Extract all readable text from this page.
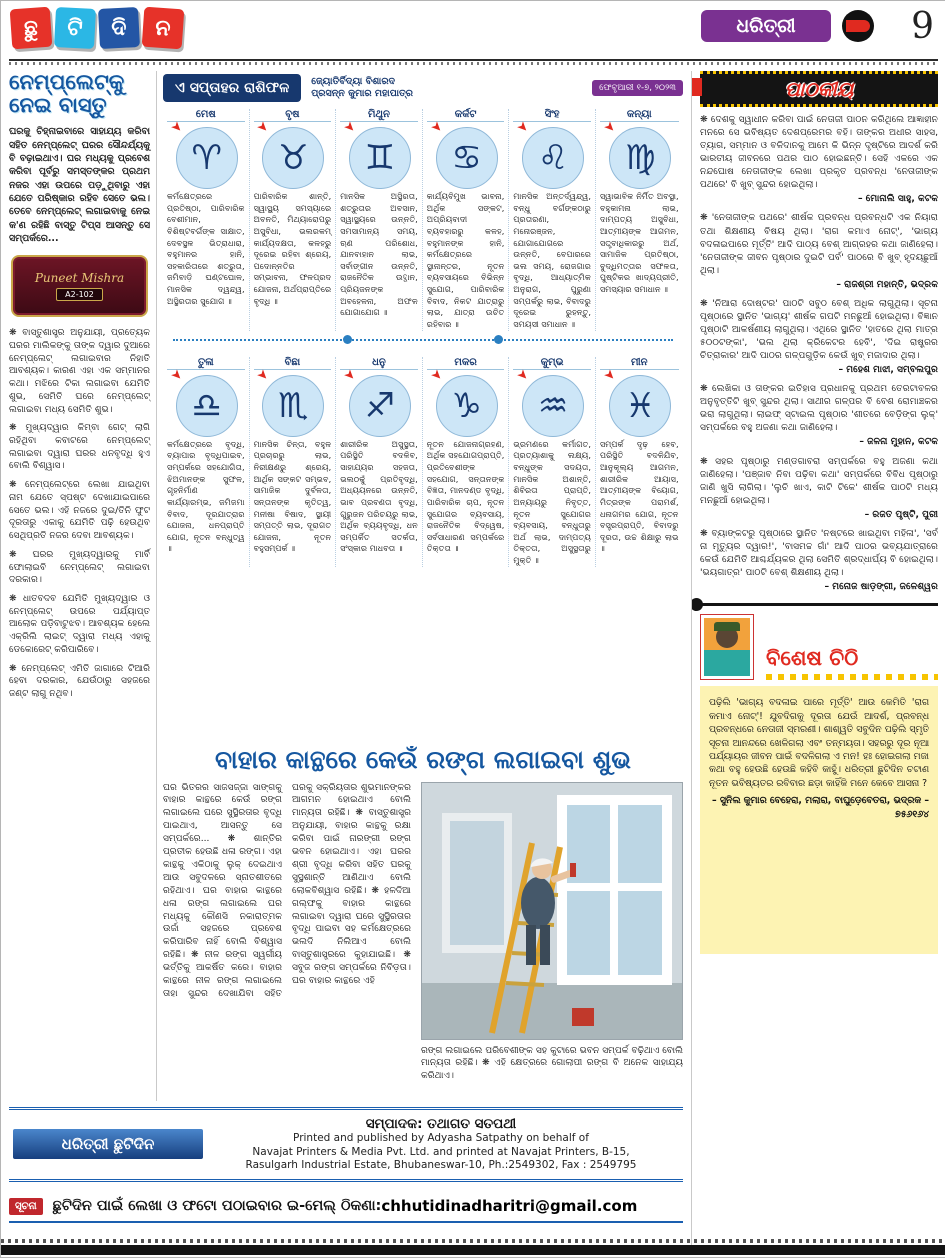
ଛୁ	ଟି	ଦି	ନ	ଧରିତ୍ରୀ	9
ନେମ୍‌ପ୍ଲେଟ୍‌କୁ
ନେଇ ବାସ୍ତୁ
ଘରକୁ ଚିହ୍ନାଇବାରେ ସାହାଯ୍ୟ କରିବା ସହିତ ନେମ୍‌ପ୍ଲେଟ୍ ଘରର ସୌନ୍ଦର୍ଯ୍ୟକୁ ବି ବଢ଼ାଇଥାଏ। ଘର ମଧ୍ୟକୁ ପ୍ରବେଶ କରିବା ପୂର୍ବରୁ ସମସ୍ତଙ୍କର ପ୍ରଥମ ନଜର ଏହା ଉପରେ ପଡ଼ୁଥିବାରୁ ଏହା ଯେତେ ପରିଷ୍କାର ରହିବ ସେତେ ଭଲ। ତେବେ ନେମ୍‌ପ୍ଲେଟ୍ ଲଗାଇବାକୁ ନେଇ କ'ଣ ରହିଛି ବାସ୍ତୁ ଟିପ୍ସ ଆସନ୍ତୁ ସେ ସମ୍ପର୍କରେ...
Puneet Mishra
A2-102
❋ ବାସ୍ତୁଶାସ୍ତ୍ର ଅନୁଯାୟୀ, ପ୍ରତ୍ୟେକ ଘରର ମାଲିକଙ୍କୁ ତାଙ୍କ ଦ୍ୱାର ଦୁଆରେ ନେମ୍‌ପ୍ଲେଟ୍ ଲଗାଇବାର ନିହାତି ଆବଶ୍ୟକ। କାରଣ ଏହା ଏକ ସମ୍ମାନର କଥା। ମଝିରେ ଟିକା ଲଗାଇବା ଯେମିତି ଶୁଭ, ସେମିତି ଘରେ ନେମ୍‌ପ୍ଲେଟ୍ ଲଗାଇବା ମଧ୍ୟ ସେମିତି ଶୁଭ।
❋ ମୁଖ୍ୟଦ୍ୱାର କିମ୍ବା ଗେଟ୍ ଲାଗି ରହିଥିବା କବାଟରେ ନେମ୍‌ପ୍ଲେଟ୍ ଲଗାଇବା ଦ୍ୱାରା ଘରର ଧନବୃଦ୍ଧି ହୁଏ ବୋଲି ବିଶ୍ୱାସ।
❋ ନେମ୍‌ପ୍ଲେଟ୍‌ରେ ଲେଖା ଯାଇଥିବା ନାମ ଯେତେ ସ୍ପଷ୍ଟ ଦେଖାଯାଇପାରେ ସେତେ ଭଲ। ଏହି ନଜରେ ଦୁଇ/ତିନି ଫୁଟ ଦୂରତାରୁ ଏକାକୁ ଯେମିତି ପଢ଼ି ହେଉଥିବ ସେଥିପ୍ରତି ନଜର ଦେବା ଆବଶ୍ୟକ।
❋ ଘରର ମୁଖ୍ୟଦ୍ୱାରକୁ ମାର୍ବି ଫୋଲାଇବି ନେମ୍‌ପ୍ଲେଟ୍ ଲଗାଇବା ଦରକାର।
❋ ଧାତବଦବ ଯେମିତି ମୁଖ୍ୟଦ୍ୱାର ଓ ନେମ୍‌ପ୍ଲେଟ୍ ଉପରେ ପର୍ଯ୍ୟାପ୍ତ ଆଲୋକ ପଡ଼ିବାଟୁଝବ। ଆବଶ୍ୟକ ହେଲେ ଏକ୍ରିଲି ଲାଇଟ୍ ଦ୍ୱାରା ମଧ୍ୟ ଏହାକୁ ଡେକୋରେଟ୍ କରିପାରିବେ।
❋ ନେମ୍‌ପ୍ଲେଟ୍ ଏମିତି ଜାଗାରେ ଟିଆରି ହେବା ଦରକାର, ଯେଉଁଠାରୁ ସହଜରେ ଜଣ୍ଟ ଲାଗୁ ନଥିବ।
ଏ ସପ୍ତାହର ରାଶିଫଳ	ଜ୍ୟୋତିର୍ବିଦ୍ୟା ବିଶାରଦ
ପ୍ରସନ୍ନ କୁମାର ମହାପାତ୍ର	ଫେବୃଆରୀ ୧-୭, ୨୦୨୩
ମେଷ
➤
♈
କର୍ମକ୍ଷେତ୍ରରେ ପ୍ରତିଷ୍ଠା, ପାରିବାରିକ ବେଶୀମାନ, ବିଶିଷ୍ଟବର୍ଗଙ୍କ ସାକ୍ଷାତ, ଦେବସ୍ଥଳ ଭିତ୍ରାଧାରା, ବହୁମାନର ହାନି, ସହକାରିତାରେ ଶତ୍ରୁତା, ଜମିବାଡ଼ି ଘଣ୍ଟଘୋଳ, ମାନସିକ ଦ୍ୱନ୍ଦ୍ୱ, ଅସ୍ଥିରତାର ସୁଯୋଗ ॥
ବୃଷ
➤
♉
ପାରିବାରିକ ଶାନ୍ତି, ସ୍ୱାସ୍ଥ୍ୟ ସମସ୍ୟାରେ ଅବନତି, ମିଥ୍ୟାରୋପରୁ ଅସୁବିଧା, ଭଲରକମ୍ କାର୍ଯ୍ୟଦକ୍ଷତା, କଳହରୁ ଦୂରେଇ ରହିବା ଶ୍ରେୟ, ପଦୋନ୍ନତିର ସମ୍ଭାବନା, ଫଳପ୍ରଦ ଯୋଜନା, ଅର୍ଥପ୍ରାପ୍ତିରେ ବୃଦ୍ଧି ॥
ମିଥୁନ
➤
♊
ମାନସିକ ଅସ୍ଥିରତା, ଶତ୍ରୁତାର ଅବସାନ, ସ୍ୱାସ୍ଥ୍ୟରେ ଉନ୍ନତି, ସମସାମାନ୍ୟ ସମୟ, ଋଣ ପରିଶୋଧ, ଯାନବାହାନ ଲାଭ, ସର୍ବାଙ୍ଗୀନ ଉନ୍ନତି, ରାଜନୈତିକ ଉତ୍ଥାନ, ପ୍ରିୟଜନଙ୍କ ଅବହେଳନା, ଅଫଳ ଯୋଗାଯୋଗ ॥
କର୍କଟ
➤
♋
କାର୍ଯ୍ୟବିମୁଖ ଭାବନା, ଅର୍ଥିକ ସଙ୍କଟ, ଅପ୍ରିୟବାଦୀ ବ୍ୟବହାରରୁ କଳହ, ବହୁମାନଙ୍କ ହାନି, କର୍ମକ୍ଷେତ୍ରରେ ସ୍ଥାନାନ୍ତର, ନୂତନ ବ୍ୟବସାୟରେ ବିଭିନ୍ନ ସୁଯୋଗ, ପାରିବାରିକ ବିବାଦ, ନିକଟ ଯାତ୍ରାରୁ ଲାଭ, ଯାତ୍ରା ଉଚିତ ରହିବାର ॥
ସିଂହ
➤
♌
ମାନସିକ ଅନ୍ତର୍ଦ୍ୱନ୍ଦ୍ୱ, ବନ୍ଧୁ ବର୍ଗଙ୍କଠାରୁ ପ୍ରତାରଣା, ମନୋରଞ୍ଜନ, ଯୋଗାଯୋଗରେ ଉନ୍ନତି, ବେପାରରେ ଭଲ ସମୟ, ରୋଜଗାର ବୃଦ୍ଧି, ଆଧ୍ୟାତ୍ମିକ ଅନୁରାଗ, ପୁରୁଣା ସମ୍ପର୍କରୁ ଲାଭ, ବିବାଦରୁ ଦୂରେଇ ରୁହନ୍ତୁ, ସମୟସୀ ସମାଧାନ ॥
କନ୍ୟା
➤
♍
ସ୍ୱାଭାବିକ ନିର୍ମିତ ଅବସ୍ଥା, ବହୁକାମନା ଲାଭ, ଦାମ୍ପତ୍ୟ ଅସୁବିଧା, ଆତ୍ମୀୟଙ୍କ ଆଗମନ, ସତ୍ତ୍ବାଧିକାରରୁ ଅର୍ଥ, ସାମାଜିକ ପ୍ରତିଷ୍ଠା, ବୁଦ୍ଧିମତ୍ତାର ସଫଳତା, ପୁଷ୍ଟିକର ଖାଦ୍ୟପ୍ରୀତି, ସମସ୍ୟାର ସମାଧାନ ॥
ତୁଳା
➤
♎
କର୍ମକ୍ଷେତ୍ରରେ ବୃଦ୍ଧି, ବ୍ୟାପାର ବୃଦ୍ଧିପାଇବ, ସମ୍ପର୍କରେ ସହଯୋଗିତା, ଝିଅମାନଙ୍କ ସୁଫଳ, ଗୃହନିର୍ମାଣ କାର୍ଯ୍ୟାରମ୍ଭ, ଜମିଜମା ବିବାଦ, ଦୂରଯାତ୍ରାର ଯୋଜନା, ଧନପ୍ରାପ୍ତି ଯୋଗ, ନୂତନ ବନ୍ଧୁତ୍ୱ ॥
ବିଛା
➤
♏
ମାନସିକ ଚିନ୍ତା, ବହୁଳ ପ୍ରଚାରରୁ ଲାଭ, ନିରୀକ୍ଷଣରୁ ଶ୍ରେୟ, ଆର୍ଥିକ ସଙ୍କଟ ସମ୍ଭବ, ସାମାଜିକ ଦୁର୍ବଳତା, ସନ୍ତାନଙ୍କ କୃତିତ୍ୱ, ମନୀଷା ବିଷାଦ, ସ୍ଥାୟୀ ସମ୍ପତ୍ତି ଲାଭ, ଦୂରାଗତ ଯୋଜନା, ନୂତନ ବହୁସମ୍ପର୍କ ॥
ଧନୁ
➤
♐
ଶାରୀରିକ ଅସୁସ୍ଥତା, ପରିସ୍ଥିତି ବଦଳିବ, ସାହାଯ୍ୟର ସହଜତା, ଭଲଠକୁଁ ପ୍ରତିବୃଦ୍ଧି, ଅଧ୍ୟୟନରେ ଉନ୍ନତି, ଭାବ ପ୍ରବଣତା ବୃଦ୍ଧି, ଗୁରୁଜନ ପରିଚୟରୁ ଲାଭ, ଅର୍ଥିକ ବ୍ୟୟବୃଦ୍ଧି, ଧନ ସମ୍ପର୍କିତ ସତର୍କତା, ସଂସ୍କାର ମାଧବତା ॥
ମକର
➤
♑
ନୂତନ ଯୋଜନାଗ୍ରହଣ, ଅର୍ଥିକ ସହଯୋଗପ୍ରାପ୍ତି, ପ୍ରତିବେଶୀଙ୍କ ସହଯୋଗ, ସନ୍ତାନଙ୍କ ବିଜ୍ଞତା, ମାନଦଣ୍ଡ ବୃଦ୍ଧି, ପାରିବାରିକ ଚାପ, ନୂତନ ସୁଯୋଗର ବ୍ୟବସାୟ, ରାଜନୈତିକ ବିଦ୍ୱେଷ, ସର୍ବସାଧାରଣ ସମ୍ପର୍କରେ ତିକ୍ତତା ॥
କୁମ୍ଭ
➤
♒
ଭ୍ରମଣରେ କର୍ମାଗତ, ପ୍ରତ୍ୟାଶାକୁ ଲକ୍ଷ୍ୟ, ବନ୍ଧୁଙ୍କ ସଦୟତା, ମାନସିକ ଅଶାନ୍ତି, ଶିବିରତା ପ୍ରାପ୍ତି, ଅନ୍ୟାୟରୁ ନିବୃତ୍ତ, ନୂତନ ସୁଯୋଗର ବ୍ୟବସାୟ, ବନ୍ଧୁତାରୁ ଅର୍ଥ ଲାଭ, ଦାମ୍ପତ୍ୟ ତିକ୍ତତା, ଅସୁସ୍ଥତାରୁ ମୁକ୍ତି ॥
ମୀନ
➤
♓
ସମ୍ପର୍କ ଦୃଢ଼ ହେବ, ପରିସ୍ଥିତି ବଦଳିଯିବ, ଆନୁକୂଲ୍ୟ ଆଗମନ, ଶାରୀରିକ ଆୟାସ, ଆତ୍ମୀୟଙ୍କ ବିୟୋଗ, ମିତ୍ରଙ୍କ ପରାମର୍ଶ, ଧନାଗମର ଯୋଗ, ନୂତନ ବସ୍ତ୍ରପ୍ରାପ୍ତି, ବିବାଦରୁ ଦୂରତା, ଉଚ୍ଚ ଶିକ୍ଷାରୁ ଲାଭ ॥
ବାହାର କାନ୍ଥରେ କେଉଁ ରଙ୍ଗ ଲଗାଇବା ଶୁଭ
ଘର ଭିତରର ସାଜସଜ୍ଜା ସାଙ୍ଗକୁ ବାହାର କାନ୍ଥରେ କେଉଁ ରଙ୍ଗ ଲଗାଇଲେ ଘରେ ସୁସ୍ଥିରତାର ବୃଦ୍ଧି ପାଇଥାଏ, ଆସନ୍ତୁ ସେ ସମ୍ପର୍କରେ... ❋ ଶାନ୍ତିର ପ୍ରତୀକ ହେଉଛି ଧଳା ରଙ୍ଗ। ଏହା କାନ୍ଥକୁ ଏକିଠାକୁ ଲୁକ୍ ଦେଇଥାଏ ଆଉ ସବୁଦଳରେ ସ୍ନାତଶୀତରେ ରହିଥାଏ। ଘର ବାହାର କାନ୍ଥରେ ଧଳା ରଙ୍ଗ ଲଗାଇଲେ ଘର ମଧ୍ୟକୁ କୌଣସି ନକାରାତ୍ମକ ଉର୍ଜା ସହଜରେ ପ୍ରବେଶ କରିପାରିବ ନାହିଁ ବୋଲି ବିଶ୍ୱାସ ରହିଛି। ❋ ନୀଳ ରଙ୍ଗ ସ୍ୱର୍ଗୀୟ ଭର୍ତ୍ତିକୁ ଆକର୍ଷିତ କରେ। ବାହାର କାନ୍ଥରେ ନୀଳ ରଙ୍ଗ ଲଗାଇଲେ ତାହା ସୁନ୍ଦର ଦେଖାଯିବା ସହିତ ଘରକୁ ସକ୍ରିୟତାର ଶୁଭମାନଙ୍କର ଆଗମନ ହୋଇଥାଏ ବୋଲି ମାନ୍ୟତା ରହିଛି। ❋ ବାସ୍ତୁଶାସ୍ତ୍ର ଅନୁଯାୟୀ, ବାହାର କାନ୍ଥକୁ ରକ୍ଷା କରିବା ପାଇଁ ନାରଙ୍ଗୀ ରଙ୍ଗ ଭବନ ହୋଇଥାଏ। ଏହା ଘରର ଶ୍ରୀ ବୃଦ୍ଧି କରିବା ସହିତ ଘରକୁ ସୁସ୍ଥଶାନ୍ତି ଆଣିଥାଏ ବୋଲି ଲୋକବିଶ୍ୱାସ ରହିଛି। ❋ ହଳଦିଆ ଗଲ୍ଫକୁ ବାହାର କାନ୍ଥରେ ଲଗାଇବା ଦ୍ୱାରା ଘରେ ସୁସ୍ଥିରତାର ବୃଦ୍ଧି ପାଇବା ସହ କର୍ମକ୍ଷେତ୍ରରେ ଭଲଦି ନିଲିଆଏ ବୋଲି ବାସ୍ତୁଶାସ୍ତ୍ରରେ କୁହାଯାଇଛି। ❋ ସବୁଜ ରଙ୍ଗ ସମ୍ପର୍କରେ ନିବିଡ଼ତା। ଘର ବାହାର କାନ୍ଥରେ ଏହି
ରଙ୍ଗ ଲଗାଇଲେ ପରିବେଶୀଙ୍କ ସହ କୁଟାରେ ଭବନ ସମ୍ପର୍କ ବଢ଼ିଥାଏ ବୋଲି ମାନ୍ୟତା ରହିଛି। ❋ ଏହି କ୍ଷେତ୍ରରେ ଗୋଲାପୀ ରଙ୍ଗ ବି ଅନେକ ସାହାଯ୍ୟ କରିଥାଏ।
ପାଠକୀୟ
❋ ଦେଶକୁ ସ୍ୱାଧୀନ କରିବା ପାଇଁ ନେତାଜୀ ପାଠନ କରିଥିଲେ ଆଜ୍ଞାହୀନ ମନରେ ସେ ଭବିଷ୍ୟତ ଦେଶପ୍ରେମର ବହି। ତାଙ୍କର ଅଧୀର ସାହସ, ତ୍ୟାଗ, ସମ୍ମାନ ଓ ବଳିଦାନକୁ ଆମେ କି ଭିନ୍ନ ଦୃଷ୍ଟିରେ ଆଦର୍ଶ କରି ଭାରତୀୟ ଜୀବନରେ ପଥର ପାଠ ହୋଇଛନ୍ତି। ସେହି ଏକରେ ଏକ ନନ୍ଦଘୋଷ ନେତାଜୀଙ୍କ ଲେଖା ପ୍ରକୃତ ପ୍ରବନ୍ଧ 'ନେତାଜୀଙ୍କ ପଥରେ' ବି ଖୁବ୍ ସୁନ୍ଦର ହୋଇଥିଲା।
– ମୋନାଲି ସାହୁ, କଟକ
❋ 'ନେତାଜୀଙ୍କ ପଥରେ' ଶୀର୍ଷକ ପ୍ରବନ୍ଧ ପ୍ରବନ୍ଧଟି ଏକ ନିୟାରା ତଥା ଶିକ୍ଷଣୀୟ ବିଷୟ ଥିଲା। 'ରାଗ କମାଏ ନୋଟ୍', 'ଭାଗ୍ୟ ବଦଳାଇପାରେ ମୂର୍ତ୍ତି' ଆଦି ପାଠ୍ୟ ବେଶ୍ ଆଗ୍ରହର କଥା ଜାଣିହେଲା। 'ନେତାଜୀଙ୍କ ଜୀବନ ପୃଷ୍ଠାର ଦୁଇଟି ପର୍ବ' ପାଠରେ ବି ଖୁବ୍ ହୃଦୟଛୁଆଁ ଥିଲା।
– ରାଜଶ୍ରୀ ମହାନ୍ତି, ଭଦ୍ରକ
❋ 'ନିଆରା ଦୋଷ୍ଟର' ପାଠଟି ସବୁଠ ବେଶ୍ ଅଧିକ ଲାଗୁଥିଲା। ସୂଚନା ପୃଷ୍ଠାରେ ସ୍ଥାନିତ 'ଭାଗ୍ୟ' ଶୀର୍ଷକ ଗପଟି ମନଛୁଆଁ ହୋଇଥିଲା। ବିଜ୍ଞାନ ପୃଷ୍ଠାଟି ଆକର୍ଷଣୀୟ ଲାଗୁଥିଲା। ଏଥିରେ ସ୍ଥାନିତ 'ହାତରେ ଥିଲା ମାତ୍ର ୫୦୦ଟଙ୍କା', 'ଭଲ ଥିଲା କ୍ରିକେଟର ହେବି', 'ଦିଇ ରାଷ୍ଟ୍ରର ଚିତ୍ରାକାର' ଆଦି ପାଠର ଗଳ୍ପଗୁଡ଼ିକ କେଉଁ ଖୁବ୍ ମଜାଦାର ଥିଲା।
– ମହେଶ ମାଝୀ, ସମ୍ବଲପୁର
❋ ଲେଖିକା ଓ ତାଙ୍କର ଇତିହାସ ପ୍ରଧାନକୁ ପ୍ରଥମ ତେରଟାବଳର ଅନୁବୃତ୍ତିଟି ଖୁବ୍ ସୁନ୍ଦର ଥିଲା। ସାଥୀର ଗଳ୍ପର ବି ବେଶ ରୋମାଞ୍ଚକର ଭରା ଲାଗୁଥିଲା। ଲାଇଫ୍ ସ୍ଟାଇଲ ପୃଷ୍ଠାର 'ଶୀତରେ ବେଡ଼ିଙ୍ଗ ଲୁକ୍' ସମ୍ପର୍କରେ ବହୁ ଅଜଣା କଥା ଜାଣିହେଲା।
– ଜଳନା ମୁହାନ, କଟକ
❋ ସହର ପୃଷ୍ଠାରୁ ମଣ୍ଡଗାବରା ସମ୍ପର୍କରେ ବହୁ ଅଜଣା କଥା ଜାଣିହେଲା। 'ପଞ୍ଜାବ ନିବା ପଢ଼ିବା କଥା' ସମ୍ପର୍କରେ ବିବିଧ ପୃଷ୍ଠାରୁ ଜାଣି ଖୁସି ଲାଗିଲା। 'ଲୁଚି ଖାଏ, କାଟି ଟିକେ' ଶୀର୍ଷକ ପାଠଟି ମଧ୍ୟ ମନଛୁଆଁ ହୋଇଥିଲା।
– ରଜତ ପୃଷ୍ଟି, ପୁରୀ
❋ ବ୍ୟାଙ୍କଟରୁ ପୃଷ୍ଠାରେ ସ୍ଥାନିତ 'ନଷ୍ଟରେ ଖାଇଥିବା ମହିଳା', 'ସର୍ବ ନା ମୃତ୍ୟୁର ଦ୍ୱାର!', 'ବାସମଚ୍ଚ ଗାଁ' ଆଦି ପାଠର ଭବ୍ୟଯାତ୍ରାରେ କେଉଁ ଯେମିତି ଆଶ୍ଚର୍ଯ୍ୟକର ଥିଲା ସେମିତି ଶ୍ରଦ୍ଧାର୍ଘ୍ୟ ବି ହୋଇଥିଲା। 'ଭୟଗାତ୍ର' ପାଠଟି ବେଶ୍ ଶିକ୍ଷଣୀୟ ଥିଲା।
– ମନୋଜ ଷାଡ଼ଙ୍ଗୀ, ଜଳେଶ୍ୱର
ବିଶେଷ ଚିଠି
ପଢ଼ିଲି 'ଭାଗ୍ୟ ବଦଳାଇ ପାରେ ମୂର୍ତ୍ତି' ଆଉ କେମିତି 'ରାଗ କମାଏ ନୋଟ୍'! ଯୁବଦିଗକୁ ଦୂରତା ଯେଉଁ ଆଦର୍ଶ, ପ୍ରବନ୍ଧ ପ୍ରବନ୍ଧରେ ନେତାଜୀ ସ୍ମରଣୀ। ଶାଶ୍ୱତି ସବୁଦିନ ପଢ଼ିଲି ସ୍ମୃତି ସୂଚନା ଆନନ୍ଦରେ ଖେଳିଗଲା ଏବଂ ତନ୍ମୟତା। ସହରରୁ ଦୂର ନୂଆ ପର୍ଯ୍ୟାୟର ଜୀବନ ପାଇଁ ବଦଳିଗଲା ଏ ମନ! ହଃ ହୋଇଗଲା ମଜା କଥା ବହୁ ହେଉଛି ହେଉଛି କହିବି କାହୁଁ। ଧରିତ୍ରୀ ଛୁଟିଦିନ ଚଟାଣ ନୂତନ ଭବିଷ୍ୟତର ରବିବାର ଛଡ଼ା କାହିଁକି ମନେ କେବେ ଆସନା ?
– ସୁନିଲ କୁମାର ବେହେରା, ମଲାରା, ବାଘୁଡ଼େବେତରା, ଭଦ୍ରକ – ୭୫୬୧୬୪
ଧରିତ୍ରୀ ଛୁଟିଦିନ
ସମ୍ପାଦକ: ତଥାଗତ ସତପଥୀ
Printed and published by Adyasha Satpathy on behalf of
Navajat Printers & Media Pvt. Ltd. and printed at Navajat Printers, B-15,
Rasulgarh Industrial Estate, Bhubaneswar-10, Ph.:2549302, Fax : 2549795
ସୂଚନା	ଛୁଟିଦିନ ପାଇଁ ଲେଖା ଓ ଫଟୋ ପଠାଇବାର ଇ-ମେଲ୍ ଠିକଣା: chhutidinadharitri@gmail.com
